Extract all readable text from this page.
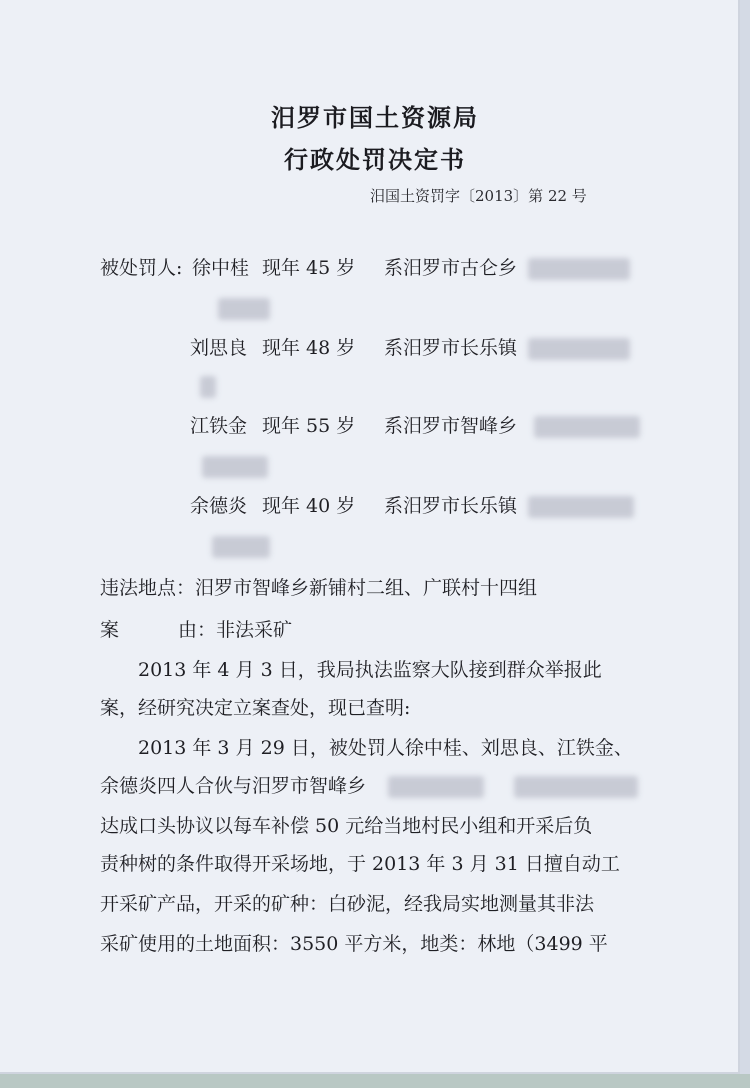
汨罗市国土资源局
行政处罚决定书
汨国土资罚字〔2013〕第 22 号
被处罚人: 徐中桂 现年 45 岁 系汨罗市古仑乡
刘思良 现年 48 岁 系汨罗市长乐镇
江铁金 现年 55 岁 系汨罗市智峰乡
余德炎 现年 40 岁 系汨罗市长乐镇
违法地点：汨罗市智峰乡新铺村二组、广联村十四组
案	由：非法采矿
2013 年 4 月 3 日，我局执法监察大队接到群众举报此
案，经研究决定立案查处，现已查明:
2013 年 3 月 29 日，被处罚人徐中桂、刘思良、江铁金、
余德炎四人合伙与汨罗市智峰乡
达成口头协议以每车补偿 50 元给当地村民小组和开采后负
责种树的条件取得开采场地，于 2013 年 3 月 31 日擅自动工
开采矿产品，开采的矿种：白砂泥，经我局实地测量其非法
采矿使用的土地面积：3550 平方米，地类：林地（3499 平
